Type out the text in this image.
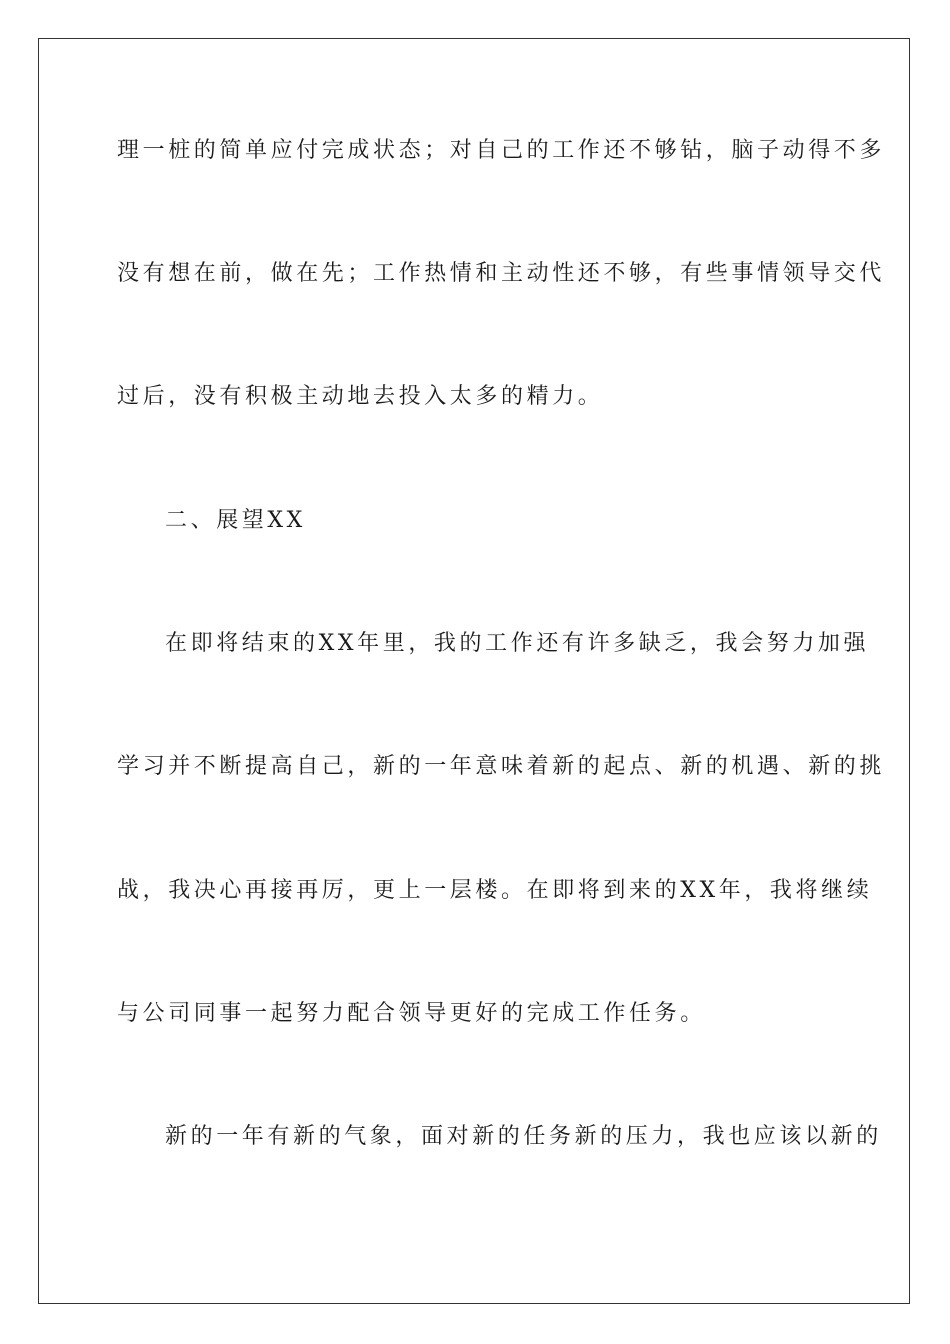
理一桩的简单应付完成状态；对自己的工作还不够钻，脑子动得不多
没有想在前，做在先；工作热情和主动性还不够，有些事情领导交代
过后，没有积极主动地去投入太多的精力。
二、展望XX
在即将结束的XX年里，我的工作还有许多缺乏，我会努力加强
学习并不断提高自己，新的一年意味着新的起点、新的机遇、新的挑
战，我决心再接再厉，更上一层楼。在即将到来的XX年，我将继续
与公司同事一起努力配合领导更好的完成工作任务。
新的一年有新的气象，面对新的任务新的压力，我也应该以新的
